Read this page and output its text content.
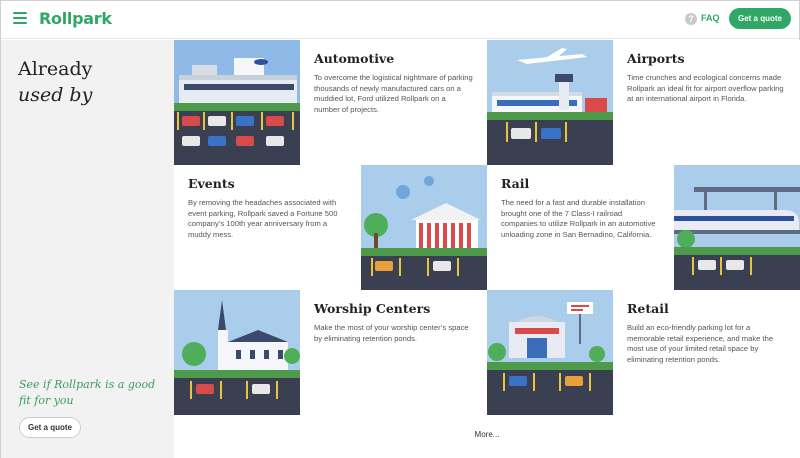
Rollpark	? FAQ	Get a quote
Already
used by
See if Rollpark is a good fit for you
Get a quote
Automotive

To overcome the logistical nightmare of parking thousands of newly manufactured cars on a muddied lot, Ford utilized Rollpark on a number of projects.

Airports

Time crunches and ecological concerns made Rollpark an ideal fit for airport overflow parking at an international airport in Florida.

Events

By removing the headaches associated with event parking, Rollpark saved a Fortune 500 company’s 100th year anniversary from a muddy mess.

Rail

The need for a fast and durable installation brought one of the 7 Class-I railroad companies to utilize Rollpark in an automotive unloading zone in San Bernadino, California.

Worship Centers

Make the most of your worship center’s space by eliminating retention ponds.

Retail

Build an eco-friendly parking lot for a memorable retail experience, and make the most use of your limited retail space by eliminating retention ponds.

More...
